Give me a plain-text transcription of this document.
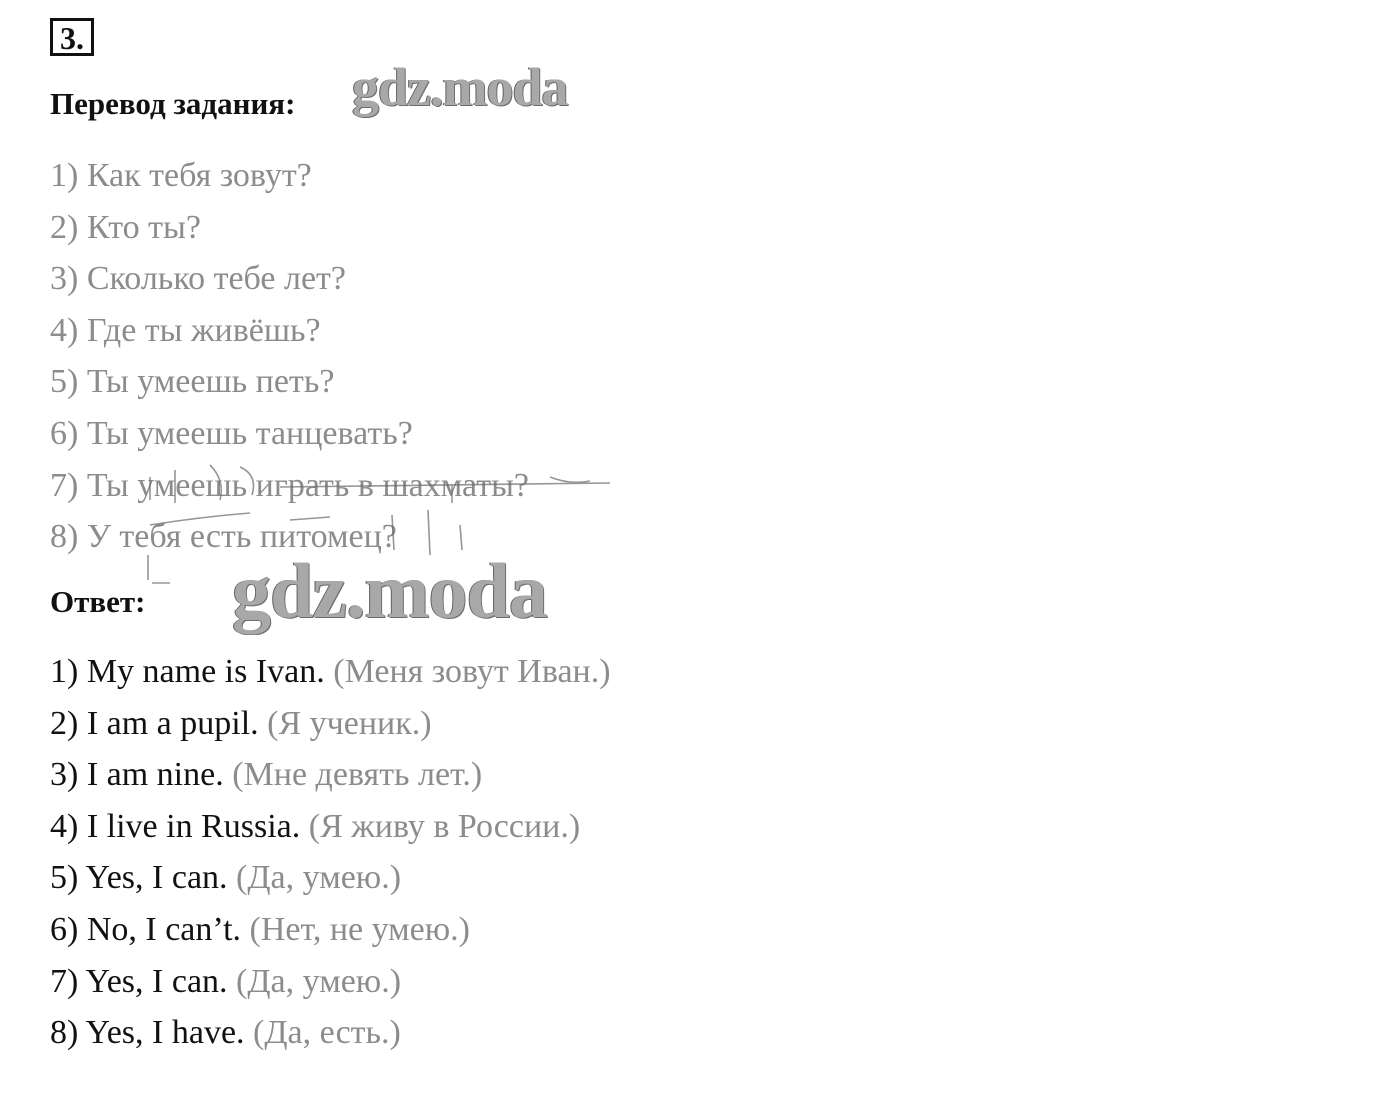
3.
Перевод задания: gdz.moda
1) Как тебя зовут?
2) Кто ты?
3) Сколько тебе лет?
4) Где ты живёшь?
5) Ты умеешь петь?
6) Ты умеешь танцевать?
7) Ты умеешь играть в шахматы?
8) У тебя есть питомец?
Ответ: gdz.moda
1) My name is Ivan. (Меня зовут Иван.)
2) I am a pupil. (Я ученик.)
3) I am nine. (Мне девять лет.)
4) I live in Russia. (Я живу в России.)
5) Yes, I can. (Да, умею.)
6) No, I can’t. (Нет, не умею.)
7) Yes, I can. (Да, умею.)
8) Yes, I have. (Да, есть.)
